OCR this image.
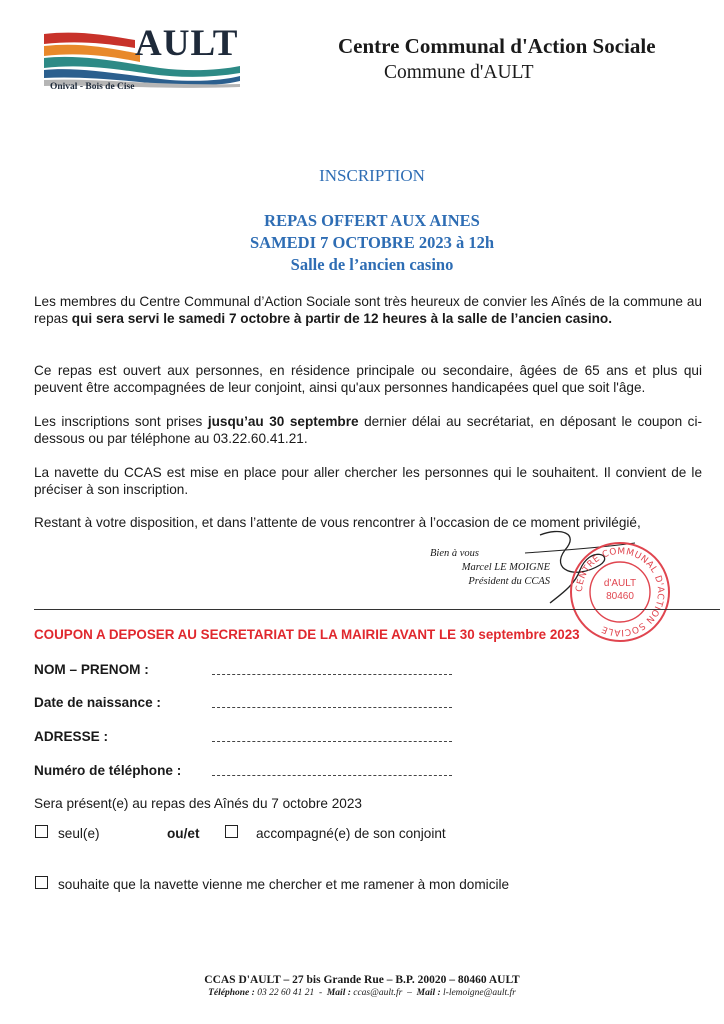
AULT
Onival - Bois de Cise
Centre Communal d'Action Sociale
Commune d'AULT
INSCRIPTION
REPAS OFFERT AUX AINES
SAMEDI 7 OCTOBRE 2023 à 12h
Salle de l’ancien casino
Les membres du Centre Communal d’Action Sociale sont très heureux de convier les Aînés de la commune au repas qui sera servi le samedi 7 octobre à partir de 12 heures à la salle de l’ancien casino.
Ce repas est ouvert aux personnes, en résidence principale ou secondaire, âgées de 65 ans et plus qui peuvent être accompagnées de leur conjoint, ainsi qu'aux personnes handicapées quel que soit l'âge.
Les inscriptions sont prises jusqu’au 30 septembre dernier délai au secrétariat, en déposant le coupon ci-dessous ou par téléphone au 03.22.60.41.21.
La navette du CCAS est mise en place pour aller chercher les personnes qui le souhaitent. Il convient de le préciser à son inscription.
Restant à votre disposition, et dans l’attente de vous rencontrer à l’occasion de ce moment privilégié,
Bien à vous
Marcel LE MOIGNE
Président du CCAS
CENTRE COMMUNAL D'ACTION SOCIALE
d'AULT
80460
COUPON A DEPOSER AU SECRETARIAT DE LA MAIRIE AVANT LE 30 septembre 2023
NOM – PRENOM :
Date de naissance :
ADRESSE :
Numéro de téléphone :
Sera présent(e) au repas des Aînés du 7 octobre 2023
seul(e)	ou/et	accompagné(e) de son conjoint
souhaite que la navette vienne me chercher et me ramener à mon domicile
CCAS D'AULT – 27 bis Grande Rue – B.P. 20020 – 80460 AULT
Téléphone : 03 22 60 41 21  -  Mail : ccas@ault.fr  –  Mail : l-lemoigne@ault.fr
